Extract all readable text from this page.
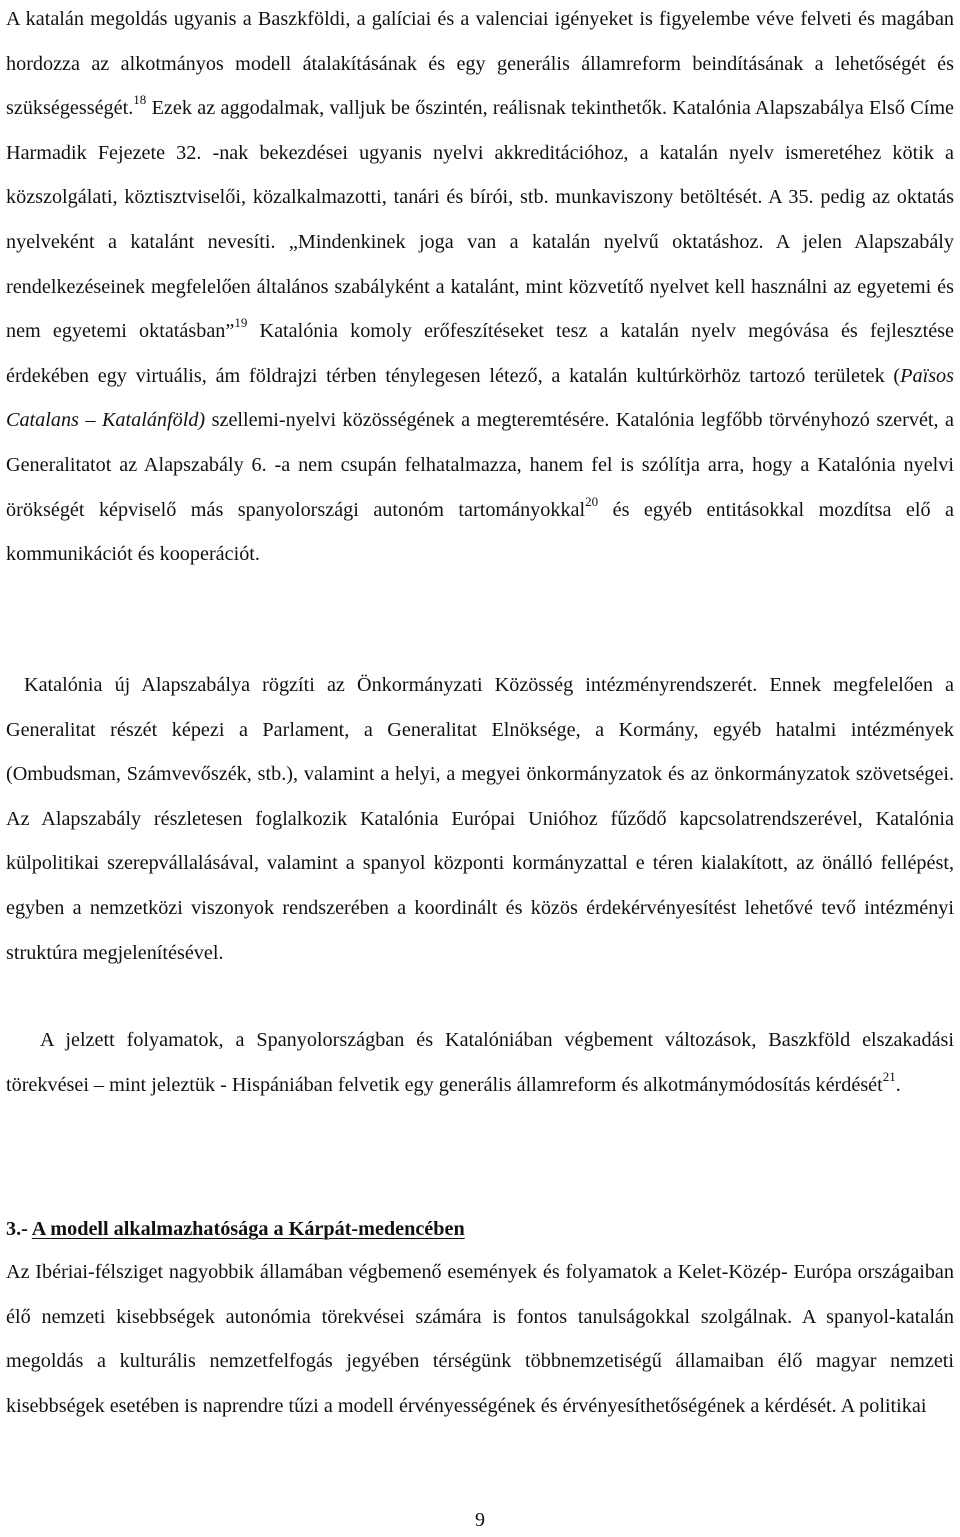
A katalán megoldás ugyanis a Baszkföldi, a galíciai és a valenciai igényeket is figyelembe véve felveti és magában hordozza az alkotmányos modell átalakításának és egy generális államreform beindításának a lehetőségét és szükségességét.$^{18}$ Ezek az aggodalmak, valljuk be őszintén, reálisnak tekinthetők. Katalónia Alapszabálya Első Címe Harmadik Fejezete 32. -nak bekezdései ugyanis nyelvi akkreditációhoz, a katalán nyelv ismeretéhez kötik a közszolgálati, köztisztviselői, közalkalmazotti, tanári és bírói, stb. munkaviszony betöltését. A 35. pedig az oktatás nyelveként a katalánt nevesíti. „Mindenkinek joga van a katalán nyelvű oktatáshoz. A jelen Alapszabály rendelkezéseinek megfelelően általános szabályként a katalánt, mint közvetítő nyelvet kell használni az egyetemi és nem egyetemi oktatásban”$^{19}$ Katalónia komoly erőfeszítéseket tesz a katalán nyelv megóvása és fejlesztése érdekében egy virtuális, ám földrajzi térben ténylegesen létező, a katalán kultúrkörhöz tartozó területek (Països Catalans – Katalánföld) szellemi-nyelvi közösségének a megteremtésére. Katalónia legfőbb törvényhozó szervét, a Generalitatot az Alapszabály 6. -a nem csupán felhatalmazza, hanem fel is szólítja arra, hogy a Katalónia nyelvi örökségét képviselő más spanyolországi autonóm tartományokkal$^{20}$ és egyéb entitásokkal mozdítsa elő a kommunikációt és kooperációt.

Katalónia új Alapszabálya rögzíti az Önkormányzati Közösség intézményrendszerét. Ennek megfelelően a Generalitat részét képezi a Parlament, a Generalitat Elnöksége, a Kormány, egyéb hatalmi intézmények (Ombudsman, Számvevőszék, stb.), valamint a helyi, a megyei önkormányzatok és az önkormányzatok szövetségei. Az Alapszabály részletesen foglalkozik Katalónia Európai Unióhoz fűződő kapcsolatrendszerével, Katalónia külpolitikai szerepvállalásával, valamint a spanyol központi kormányzattal e téren kialakított, az önálló fellépést, egyben a nemzetközi viszonyok rendszerében a koordinált és közös érdekérvényesítést lehetővé tevő intézményi struktúra megjelenítésével.

A jelzett folyamatok, a Spanyolországban és Katalóniában végbement változások, Baszkföld elszakadási törekvései – mint jeleztük - Hispániában felvetik egy generális államreform és alkotmánymódosítás kérdését$^{21}$.

3.- A modell alkalmazhatósága a Kárpát-medencében

Az Ibériai-félsziget nagyobbik államában végbemenő események és folyamatok a Kelet-Közép- Európa országaiban élő nemzeti kisebbségek autonómia törekvései számára is fontos tanulságokkal szolgálnak. A spanyol-katalán megoldás a kulturális nemzetfelfogás jegyében térségünk többnemzetiségű államaiban élő magyar nemzeti kisebbségek esetében is naprendre tűzi a modell érvényességének és érvényesíthetőségének a kérdését. A politikai

9
